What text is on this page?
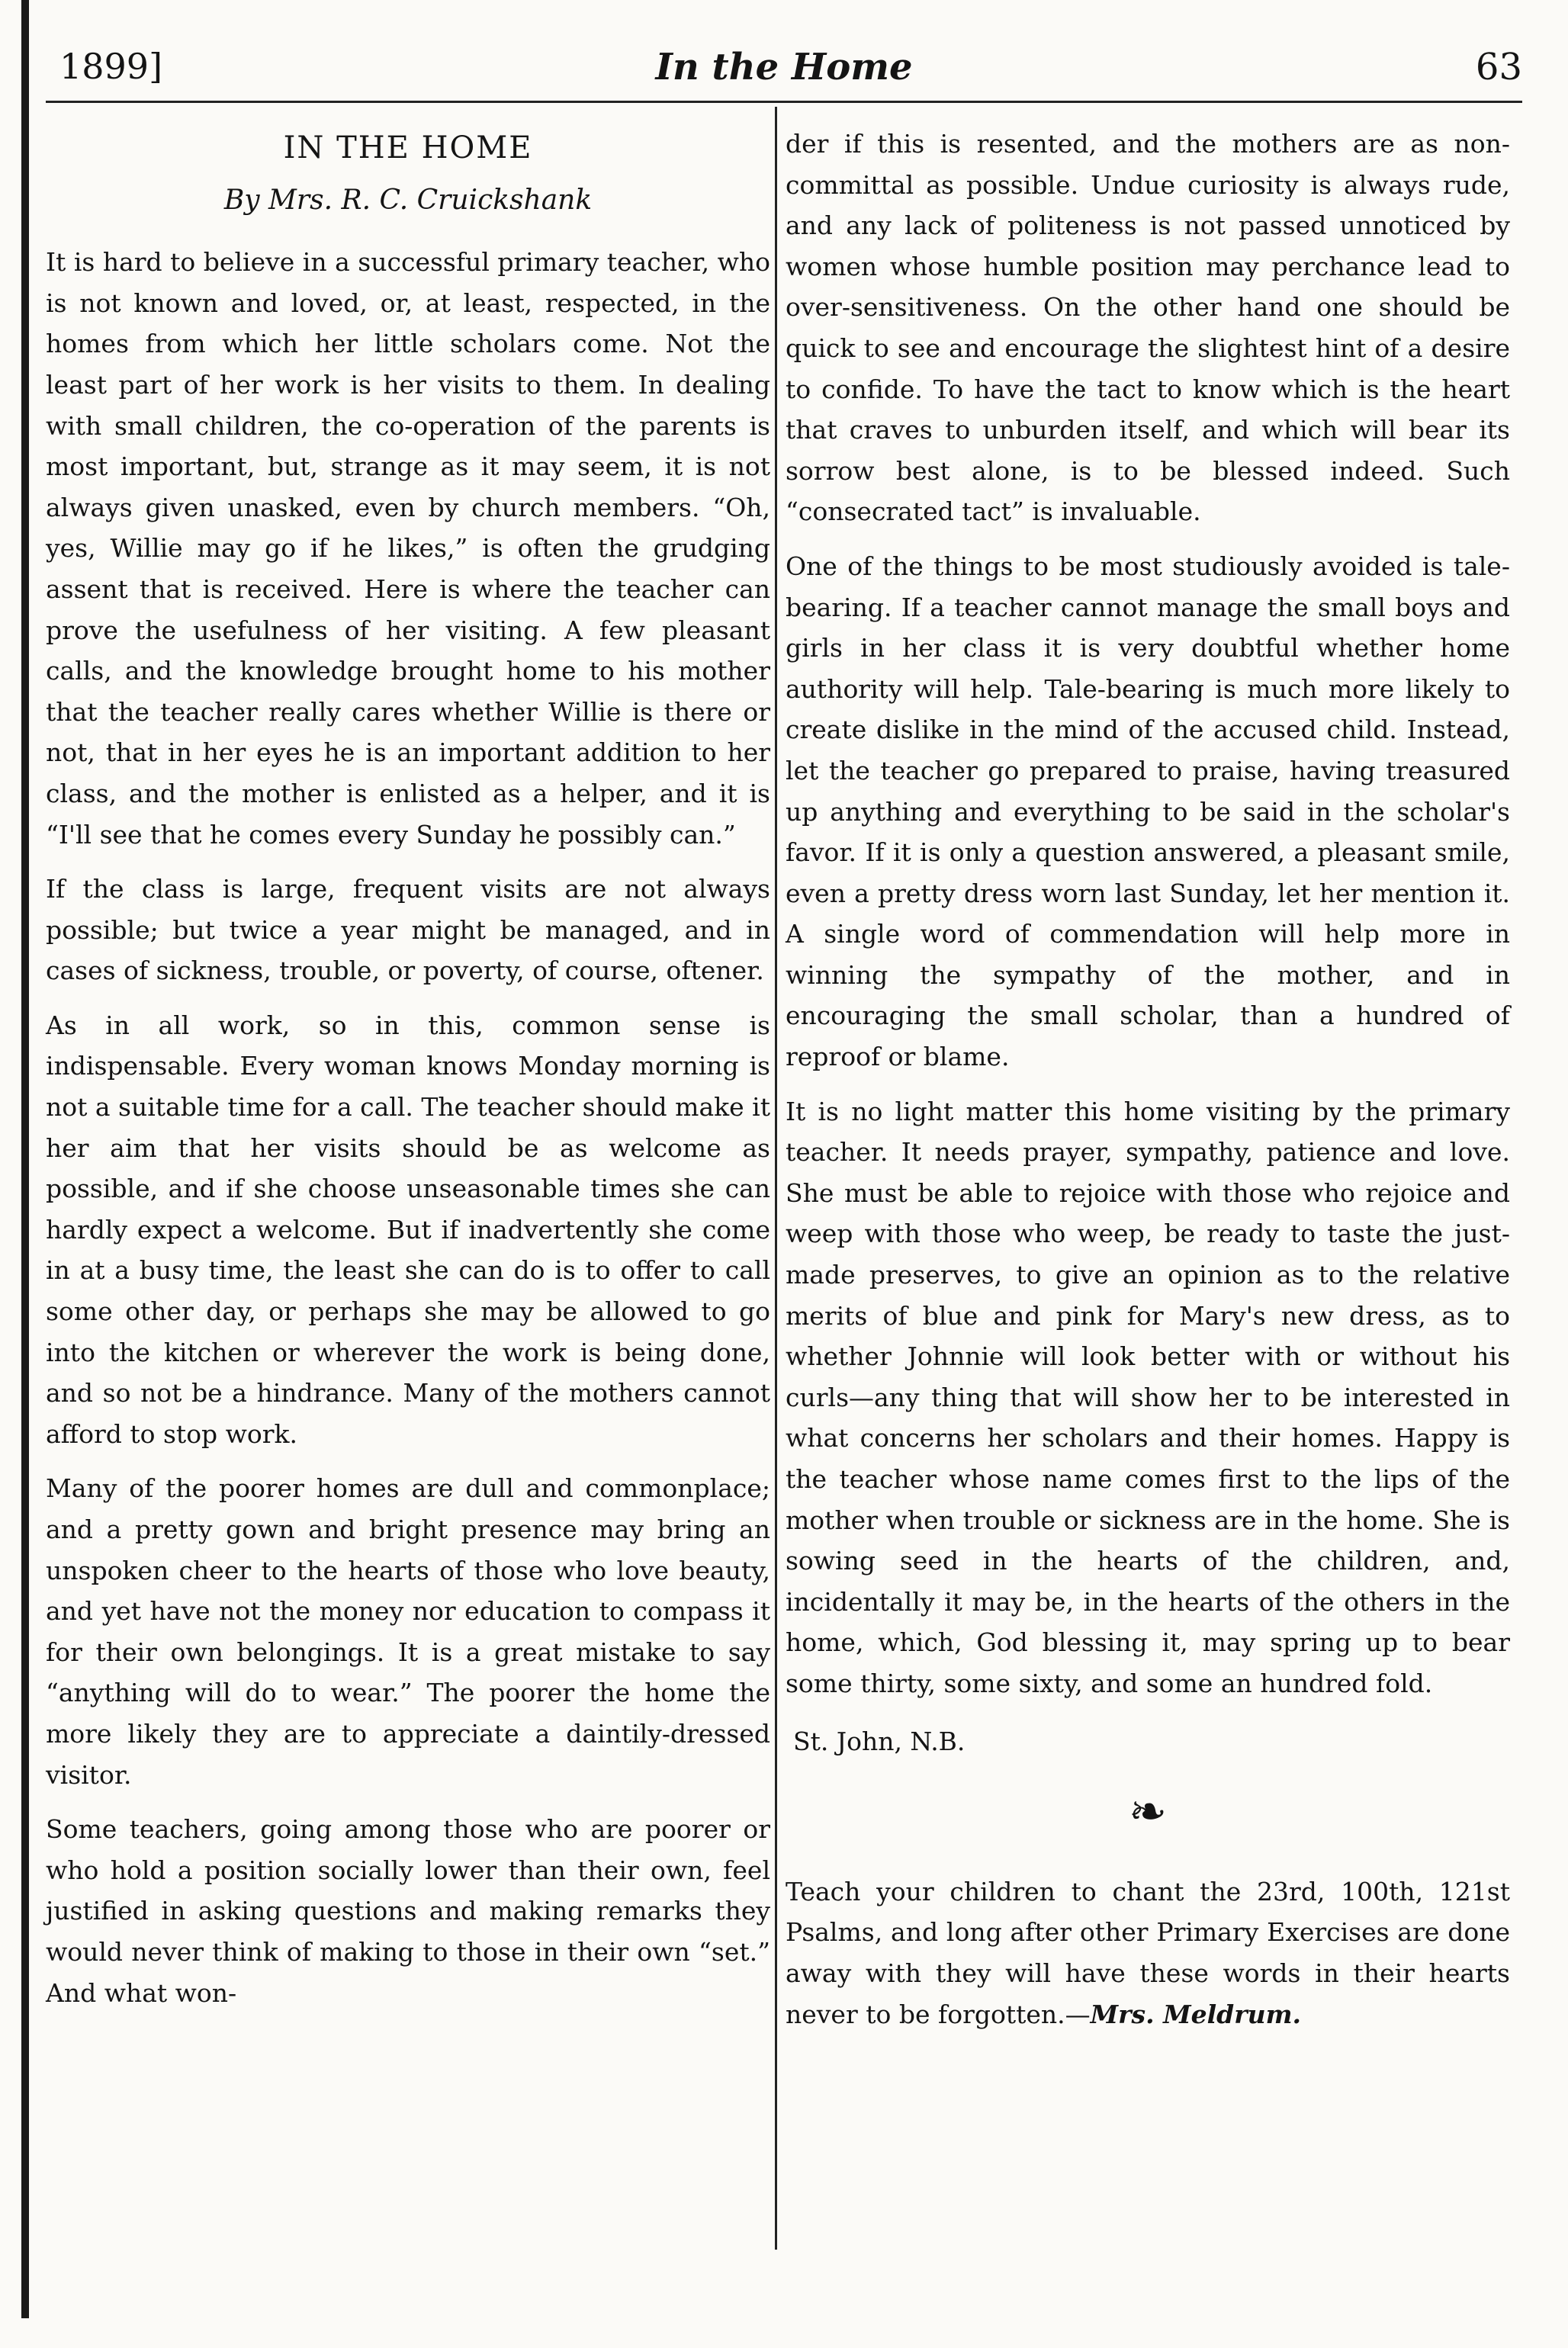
1899]	In the Home	63
IN THE HOME
By Mrs. R. C. Cruickshank

It is hard to believe in a successful primary teacher, who is not known and loved, or, at least, respected, in the homes from which her little scholars come. Not the least part of her work is her visits to them. In dealing with small children, the co-operation of the parents is most important, but, strange as it may seem, it is not always given unasked, even by church members. “Oh, yes, Willie may go if he likes,” is often the grudging assent that is received. Here is where the teacher can prove the usefulness of her visiting. A few pleasant calls, and the knowledge brought home to his mother that the teacher really cares whether Willie is there or not, that in her eyes he is an important addition to her class, and the mother is enlisted as a helper, and it is “I'll see that he comes every Sunday he possibly can.”

If the class is large, frequent visits are not always possible; but twice a year might be managed, and in cases of sickness, trouble, or poverty, of course, oftener.

As in all work, so in this, common sense is indispensable. Every woman knows Monday morning is not a suitable time for a call. The teacher should make it her aim that her visits should be as welcome as possible, and if she choose unseasonable times she can hardly expect a welcome. But if inadvertently she come in at a busy time, the least she can do is to offer to call some other day, or perhaps she may be allowed to go into the kitchen or wherever the work is being done, and so not be a hindrance. Many of the mothers cannot afford to stop work.

Many of the poorer homes are dull and commonplace; and a pretty gown and bright presence may bring an unspoken cheer to the hearts of those who love beauty, and yet have not the money nor education to compass it for their own belongings. It is a great mistake to say “anything will do to wear.” The poorer the home the more likely they are to appreciate a daintily-dressed visitor.

Some teachers, going among those who are poorer or who hold a position socially lower than their own, feel justified in asking questions and making remarks they would never think of making to those in their own “set.” And what won-

der if this is resented, and the mothers are as non-committal as possible. Undue curiosity is always rude, and any lack of politeness is not passed unnoticed by women whose humble position may perchance lead to over-sensitiveness. On the other hand one should be quick to see and encourage the slightest hint of a desire to confide. To have the tact to know which is the heart that craves to unburden itself, and which will bear its sorrow best alone, is to be blessed indeed. Such “consecrated tact” is invaluable.

One of the things to be most studiously avoided is tale-bearing. If a teacher cannot manage the small boys and girls in her class it is very doubtful whether home authority will help. Tale-bearing is much more likely to create dislike in the mind of the accused child. Instead, let the teacher go prepared to praise, having treasured up anything and everything to be said in the scholar's favor. If it is only a question answered, a pleasant smile, even a pretty dress worn last Sunday, let her mention it. A single word of commendation will help more in winning the sympathy of the mother, and in encouraging the small scholar, than a hundred of reproof or blame.

It is no light matter this home visiting by the primary teacher. It needs prayer, sympathy, patience and love. She must be able to rejoice with those who rejoice and weep with those who weep, be ready to taste the just-made preserves, to give an opinion as to the relative merits of blue and pink for Mary's new dress, as to whether Johnnie will look better with or without his curls—any thing that will show her to be interested in what concerns her scholars and their homes. Happy is the teacher whose name comes first to the lips of the mother when trouble or sickness are in the home. She is sowing seed in the hearts of the children, and, incidentally it may be, in the hearts of the others in the home, which, God blessing it, may spring up to bear some thirty, some sixty, and some an hundred fold.

St. John, N.B.
❧

Teach your children to chant the 23rd, 100th, 121st Psalms, and long after other Primary Exercises are done away with they will have these words in their hearts never to be forgotten.—Mrs. Meldrum.
